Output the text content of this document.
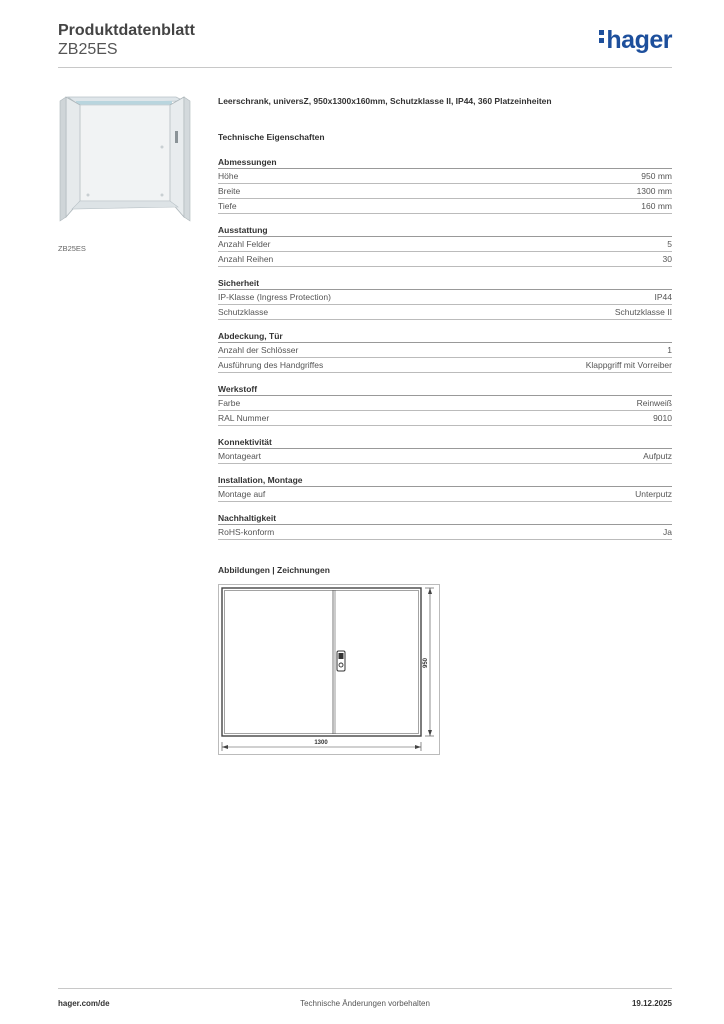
Produktdatenblatt
ZB25ES	hager
ZB25ES
Leerschrank, universZ, 950x1300x160mm, Schutzklasse II, IP44, 360 Platzeinheiten
Technische Eigenschaften
Abmessungen
Höhe	950 mm
Breite	1300 mm
Tiefe	160 mm
Ausstattung
Anzahl Felder	5
Anzahl Reihen	30
Sicherheit
IP-Klasse (Ingress Protection)	IP44
Schutzklasse	Schutzklasse II
Abdeckung, Tür
Anzahl der Schlösser	1
Ausführung des Handgriffes	Klappgriff mit Vorreiber
Werkstoff
Farbe	Reinweiß
RAL Nummer	9010
Konnektivität
Montageart	Aufputz
Installation, Montage
Montage auf	Unterputz
Nachhaltigkeit
RoHS-konform	Ja
Abbildungen | Zeichnungen
1300
950
hager.com/de	Technische Änderungen vorbehalten	19.12.2025
